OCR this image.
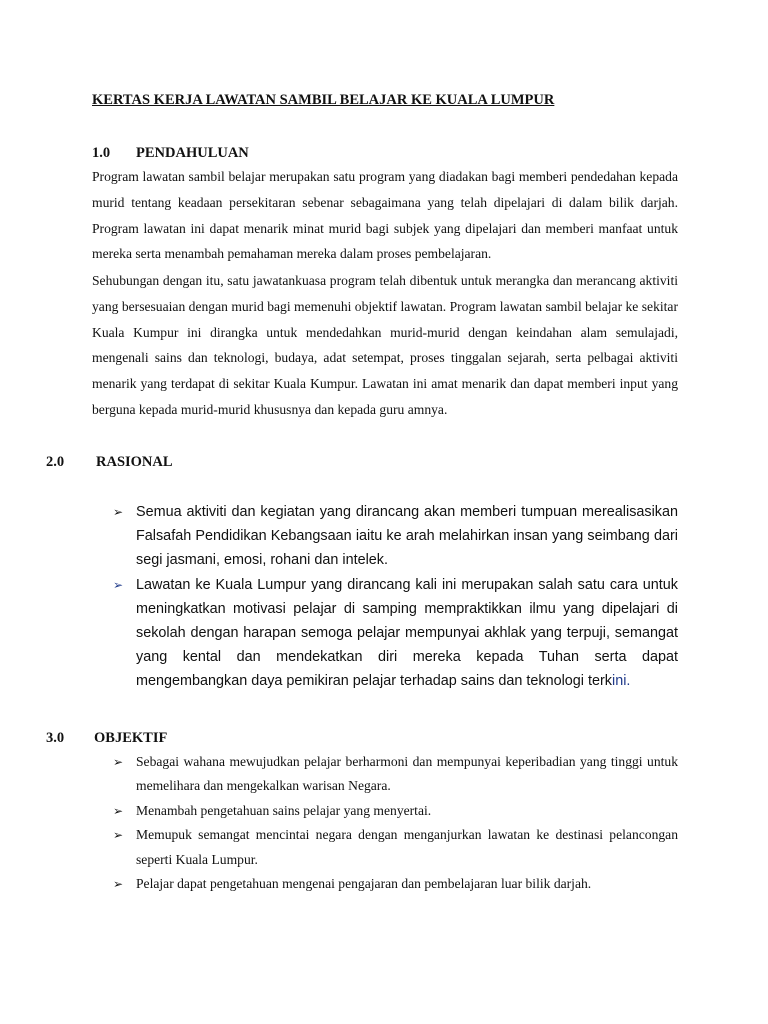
KERTAS KERJA LAWATAN SAMBIL BELAJAR KE KUALA LUMPUR
1.0 PENDAHULUAN

Program lawatan sambil belajar merupakan satu program yang diadakan bagi memberi pendedahan kepada murid tentang keadaan persekitaran sebenar sebagaimana yang telah dipelajari di dalam bilik darjah. Program lawatan ini dapat menarik minat murid bagi subjek yang dipelajari dan memberi manfaat untuk mereka serta menambah pemahaman mereka dalam proses pembelajaran.

Sehubungan dengan itu, satu jawatankuasa program telah dibentuk untuk merangka dan merancang aktiviti yang bersesuaian dengan murid bagi memenuhi objektif lawatan. Program lawatan sambil belajar ke sekitar Kuala Kumpur ini dirangka untuk mendedahkan murid-murid dengan keindahan alam semulajadi, mengenali sains dan teknologi, budaya, adat setempat, proses tinggalan sejarah, serta pelbagai aktiviti menarik yang terdapat di sekitar Kuala Kumpur. Lawatan ini amat menarik dan dapat memberi input yang berguna kepada murid-murid khususnya dan kepada guru amnya.

2.0 RASIONAL
➢ Semua aktiviti dan kegiatan yang dirancang akan memberi tumpuan merealisasikan Falsafah Pendidikan Kebangsaan iaitu ke arah melahirkan insan yang seimbang dari segi jasmani, emosi, rohani dan intelek.
➢ Lawatan ke Kuala Lumpur yang dirancang kali ini merupakan salah satu cara untuk meningkatkan motivasi pelajar di samping mempraktikkan ilmu yang dipelajari di sekolah dengan harapan semoga pelajar mempunyai akhlak yang terpuji, semangat yang kental dan mendekatkan diri mereka kepada Tuhan serta dapat mengembangkan daya pemikiran pelajar terhadap sains dan teknologi terkini.
3.0 OBJEKTIF
➢ Sebagai wahana mewujudkan pelajar berharmoni dan mempunyai keperibadian yang tinggi untuk memelihara dan mengekalkan warisan Negara.
➢ Menambah pengetahuan sains pelajar yang menyertai.
➢ Memupuk semangat mencintai negara dengan menganjurkan lawatan ke destinasi pelancongan seperti Kuala Lumpur.
➢ Pelajar dapat pengetahuan mengenai pengajaran dan pembelajaran luar bilik darjah.
